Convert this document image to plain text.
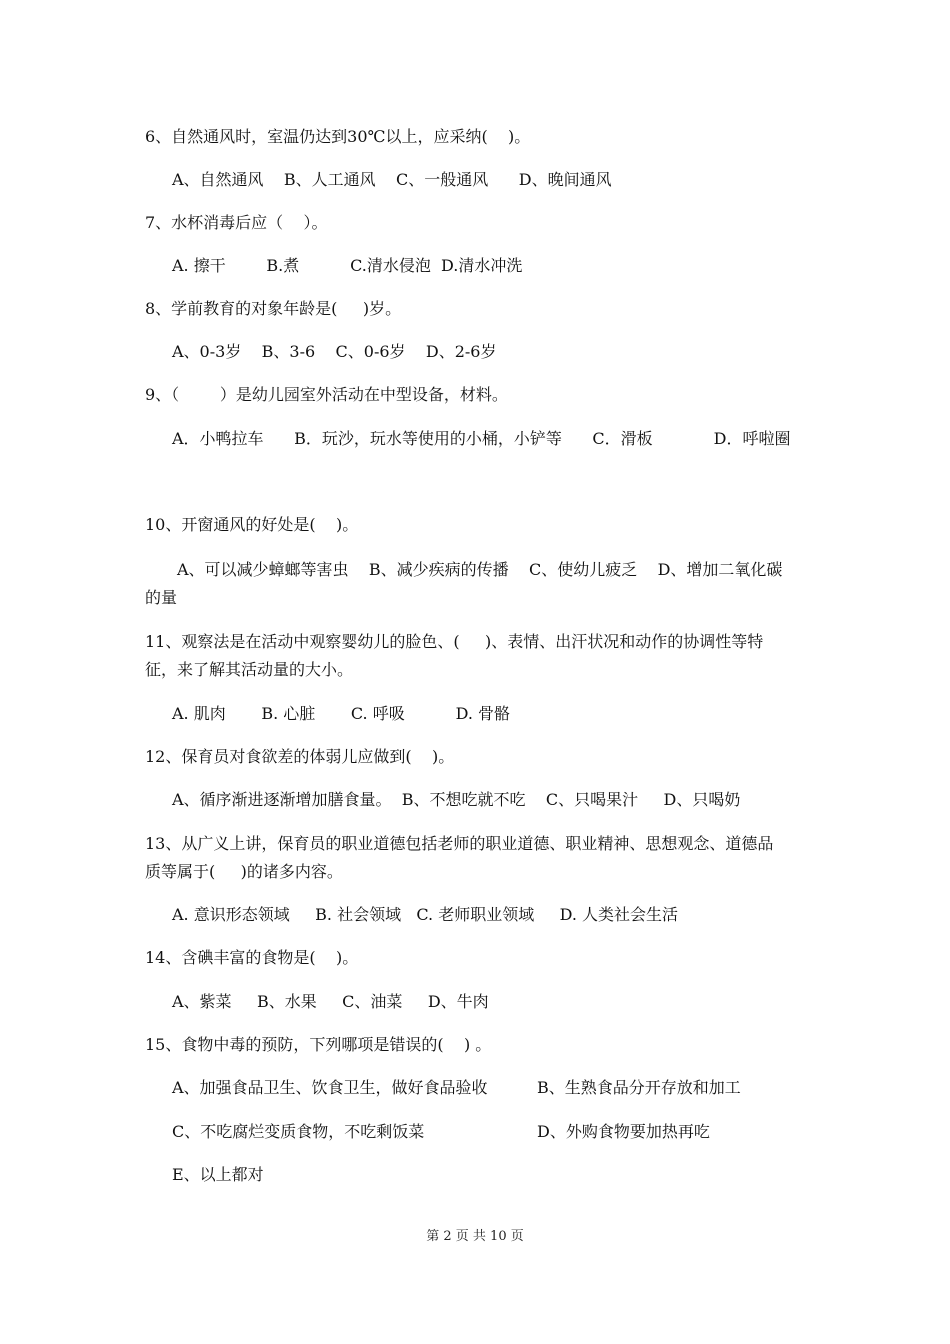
6、自然通风时，室温仍达到30℃以上，应采纳(    )。
A、自然通风    B、人工通风    C、一般通风      D、晚间通风
7、水杯消毒后应（    ）。
A. 擦干        B.煮          C.清水侵泡  D.清水冲洗
8、学前教育的对象年龄是(     )岁。
A、0-3岁    B、3-6    C、0-6岁    D、2-6岁
9、（        ）是幼儿园室外活动在中型设备，材料。
A．小鸭拉车      B．玩沙，玩水等使用的小桶，小铲等      C．滑板            D．呼啦圈
10、开窗通风的好处是(    )。
A、可以减少蟑螂等害虫    B、减少疾病的传播    C、使幼儿疲乏    D、增加二氧化碳
的量
11、观察法是在活动中观察婴幼儿的脸色、(     )、表情、出汗状况和动作的协调性等特
征，来了解其活动量的大小。
A. 肌肉       B. 心脏       C. 呼吸          D. 骨骼
12、保育员对食欲差的体弱儿应做到(    )。
A、循序渐进逐渐增加膳食量。  B、不想吃就不吃    C、只喝果汁     D、只喝奶
13、从广义上讲，保育员的职业道德包括老师的职业道德、职业精神、思想观念、道德品
质等属于(     )的诸多内容。
A. 意识形态领域     B. 社会领域   C. 老师职业领域     D. 人类社会生活
14、含碘丰富的食物是(    )。
A、紫菜     B、水果     C、油菜     D、牛肉
15、食物中毒的预防，下列哪项是错误的(    ) 。
A、加强食品卫生、饮食卫生，做好食品验收	B、生熟食品分开存放和加工
C、不吃腐烂变质食物，不吃剩饭菜	D、外购食物要加热再吃
E、以上都对
第 2 页 共 10 页
